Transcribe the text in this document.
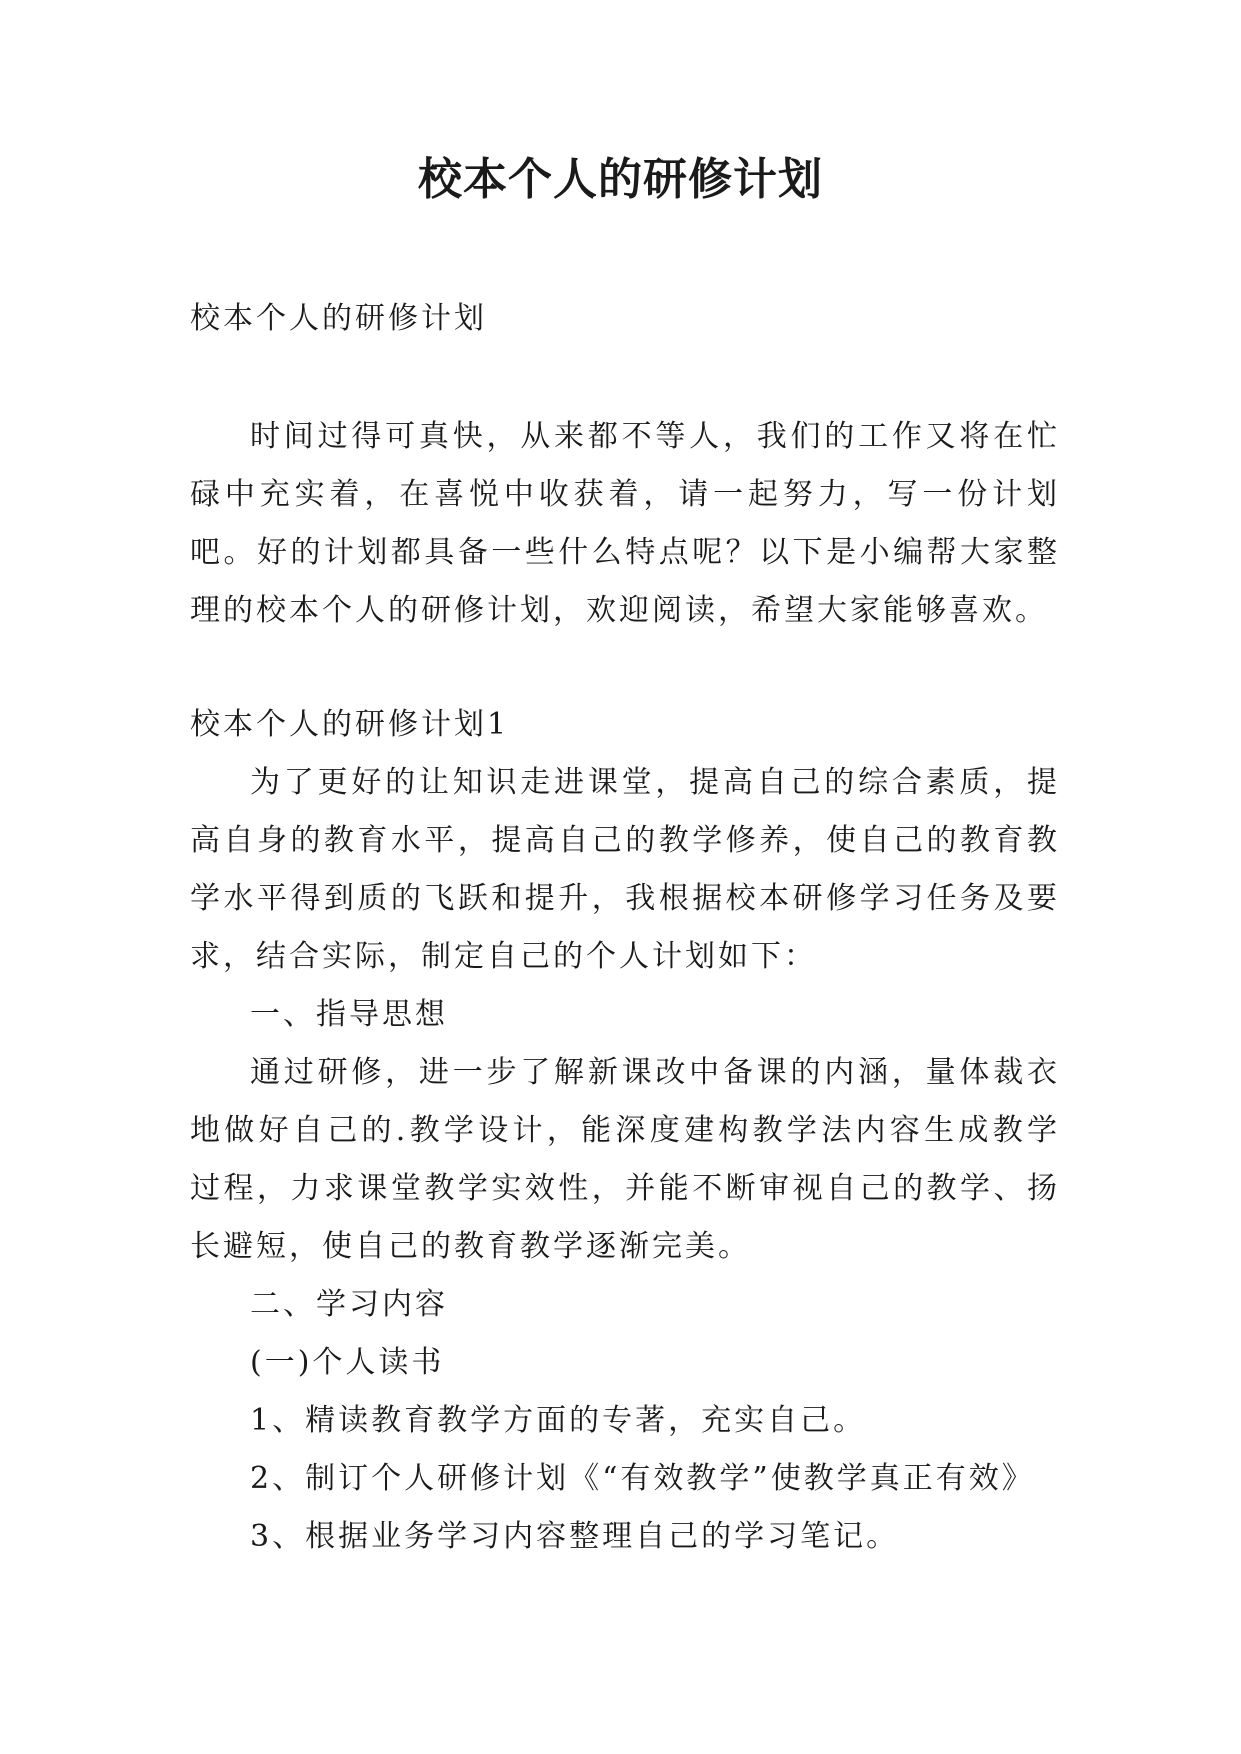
校本个人的研修计划

校本个人的研修计划

时间过得可真快，从来都不等人，我们的工作又将在忙碌中充实着，在喜悦中收获着，请一起努力，写一份计划吧。好的计划都具备一些什么特点呢？以下是小编帮大家整理的校本个人的研修计划，欢迎阅读，希望大家能够喜欢。

校本个人的研修计划1

为了更好的让知识走进课堂，提高自己的综合素质，提高自身的教育水平，提高自己的教学修养，使自己的教育教学水平得到质的飞跃和提升，我根据校本研修学习任务及要求，结合实际，制定自己的个人计划如下：

一、指导思想

通过研修，进一步了解新课改中备课的内涵，量体裁衣地做好自己的.教学设计，能深度建构教学法内容生成教学过程，力求课堂教学实效性，并能不断审视自己的教学、扬长避短，使自己的教育教学逐渐完美。

二、学习内容

(一)个人读书

1、精读教育教学方面的专著，充实自己。

2、制订个人研修计划《“有效教学”使教学真正有效》

3、根据业务学习内容整理自己的学习笔记。
